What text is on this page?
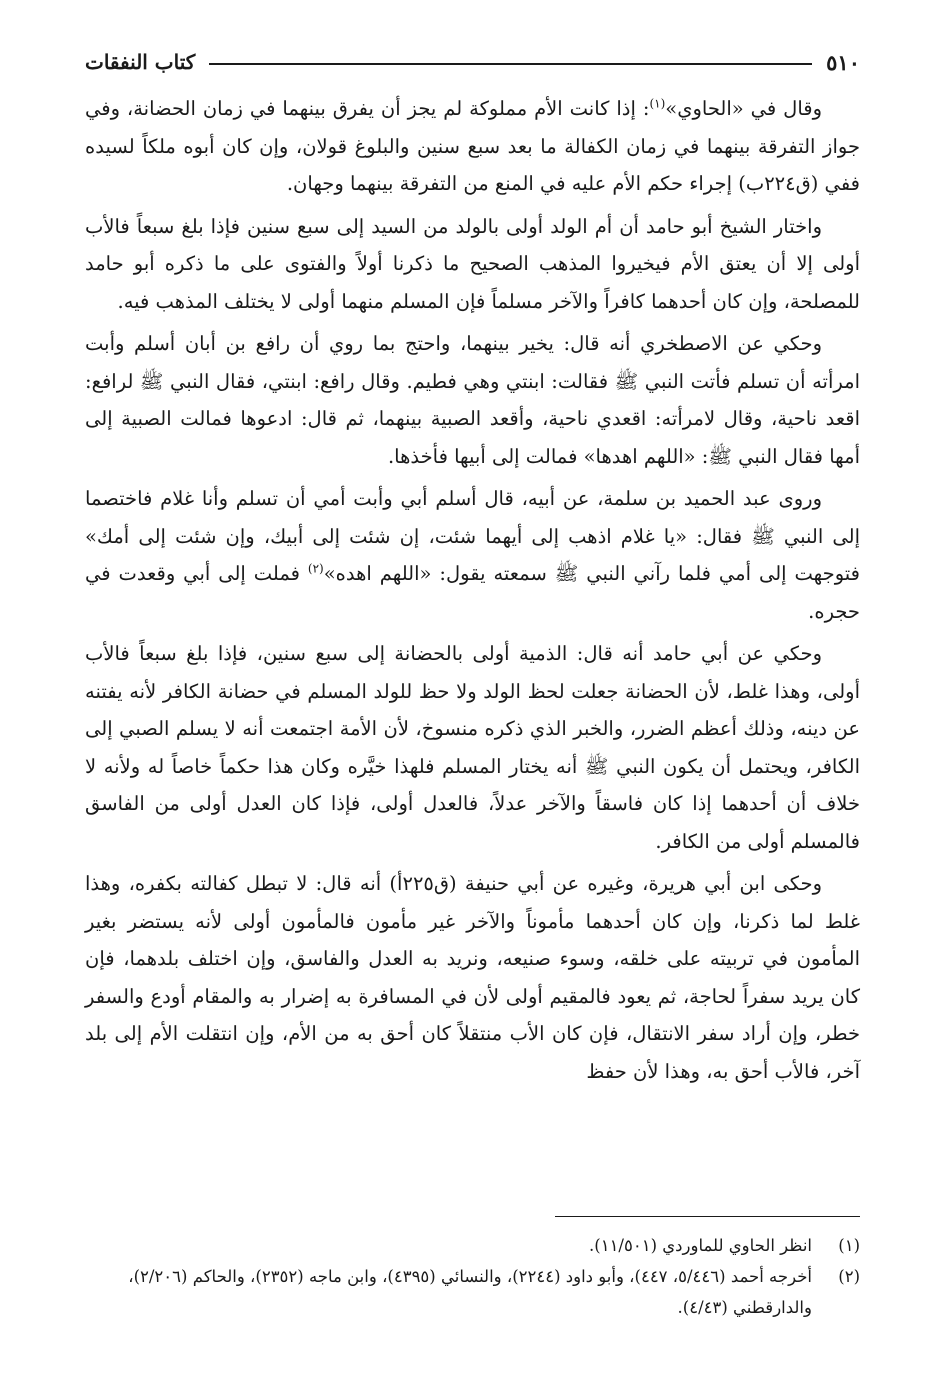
٥١٠
كتاب النفقات

وقال في «الحاوي»$^{(١)}$: إذا كانت الأم مملوكة لم يجز أن يفرق بينهما في زمان الحضانة، وفي جواز التفرقة بينهما في زمان الكفالة ما بعد سبع سنين والبلوغ قولان، وإن كان أبوه ملكاً لسيده ففي (ق٢٢٤ب) إجراء حكم الأم عليه في المنع من التفرقة بينهما وجهان.

واختار الشيخ أبو حامد أن أم الولد أولى بالولد من السيد إلى سبع سنين فإذا بلغ سبعاً فالأب أولى إلا أن يعتق الأم فيخيروا المذهب الصحيح ما ذكرنا أولاً والفتوى على ما ذكره أبو حامد للمصلحة، وإن كان أحدهما كافراً والآخر مسلماً فإن المسلم منهما أولى لا يختلف المذهب فيه.

وحكي عن الاصطخري أنه قال: يخير بينهما، واحتج بما روي أن رافع بن أبان أسلم وأبت امرأته أن تسلم فأتت النبي ﷺ فقالت: ابنتي وهي فطيم. وقال رافع: ابنتي، فقال النبي ﷺ لرافع: اقعد ناحية، وقال لامرأته: اقعدي ناحية، وأقعد الصبية بينهما، ثم قال: ادعوها فمالت الصبية إلى أمها فقال النبي ﷺ: «اللهم اهدها» فمالت إلى أبيها فأخذها.

وروى عبد الحميد بن سلمة، عن أبيه، قال أسلم أبي وأبت أمي أن تسلم وأنا غلام فاختصما إلى النبي ﷺ فقال: «يا غلام اذهب إلى أيهما شئت، إن شئت إلى أبيك، وإن شئت إلى أمك» فتوجهت إلى أمي فلما رآني النبي ﷺ سمعته يقول: «اللهم اهده»$^{(٢)}$ فملت إلى أبي وقعدت في حجره.

وحكي عن أبي حامد أنه قال: الذمية أولى بالحضانة إلى سبع سنين، فإذا بلغ سبعاً فالأب أولى، وهذا غلط، لأن الحضانة جعلت لحظ الولد ولا حظ للولد المسلم في حضانة الكافر لأنه يفتنه عن دينه، وذلك أعظم الضرر، والخبر الذي ذكره منسوخ، لأن الأمة اجتمعت أنه لا يسلم الصبي إلى الكافر، ويحتمل أن يكون النبي ﷺ أنه يختار المسلم فلهذا خيَّره وكان هذا حكماً خاصاً له ولأنه لا خلاف أن أحدهما إذا كان فاسقاً والآخر عدلاً، فالعدل أولى، فإذا كان العدل أولى من الفاسق فالمسلم أولى من الكافر.

وحكى ابن أبي هريرة، وغيره عن أبي حنيفة (ق٢٢٥أ) أنه قال: لا تبطل كفالته بكفره، وهذا غلط لما ذكرنا، وإن كان أحدهما مأموناً والآخر غير مأمون فالمأمون أولى لأنه يستضر بغير المأمون في تربيته على خلقه، وسوء صنيعه، ونريد به العدل والفاسق، وإن اختلف بلدهما، فإن كان يريد سفراً لحاجة، ثم يعود فالمقيم أولى لأن في المسافرة به إضرار به والمقام أودع والسفر خطر، وإن أراد سفر الانتقال، فإن كان الأب منتقلاً كان أحق به من الأم، وإن انتقلت الأم إلى بلد آخر، فالأب أحق به، وهذا لأن حفظ

(١)
انظر الحاوي للماوردي (١١/٥٠١).
(٢)
أخرجه أحمد (٥/٤٤٦، ٤٤٧)، وأبو داود (٢٢٤٤)، والنسائي (٤٣٩٥)، وابن ماجه (٢٣٥٢)، والحاكم (٢/٢٠٦)، والدارقطني (٤/٤٣).
